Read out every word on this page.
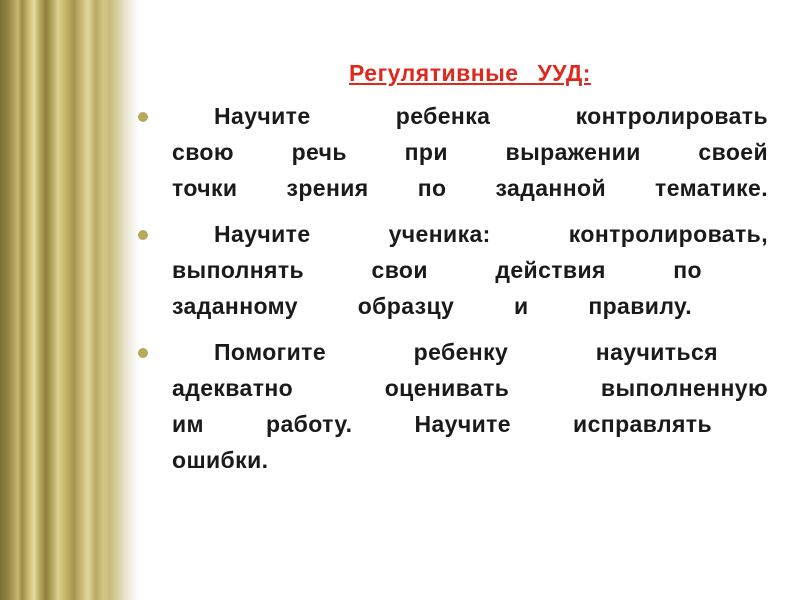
Регулятивные УУД:
Научите ребенка контролировать
свою речь при выражении своей
точки зрения по заданной тематике.
Научите ученика: контролировать,
выполнять свои действия по
заданному образцу и правилу.
Помогите ребенку научиться
адекватно оценивать выполненную
им работу. Научите исправлять
ошибки.
